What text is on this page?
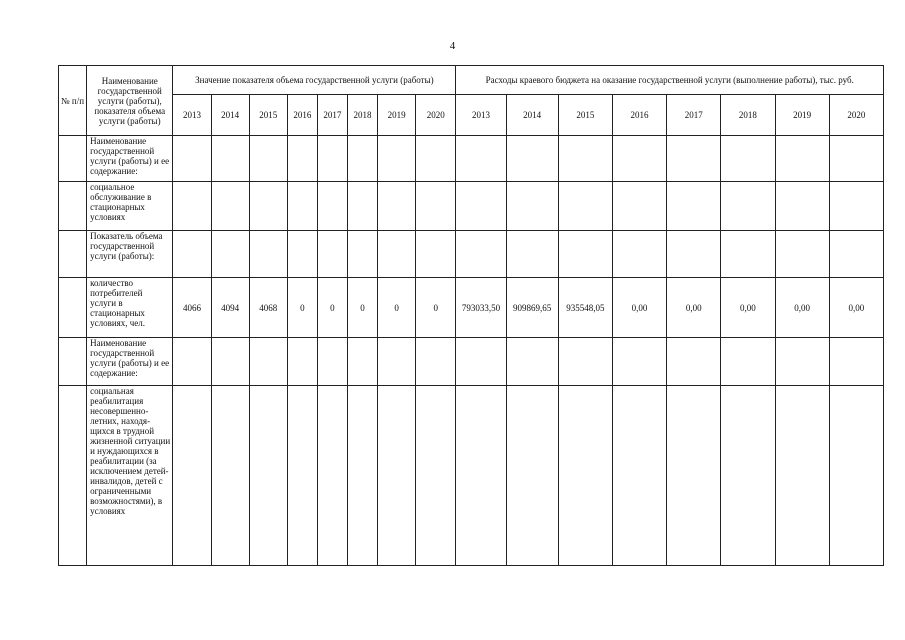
4
№ п/п	Наименование государственной услуги (работы), показателя объема услуги (работы)	Значение показателя объема государственной услуги (работы)								Расходы краевого бюджета на оказание государственной услуги (выполнение работы), тыс. руб.							
		2013	2014	2015	2016	2017	2018	2019	2020	2013	2014	2015	2016	2017	2018	2019	2020
	Наименование государственной услуги (работы) и ее содержание:																
	социальное обслуживание в стационарных условиях																
	Показатель объема государственной услуги (работы):																
	количество потребителей услуги в стационарных условиях, чел.	4066	4094	4068	0	0	0	0	0	793033,50	909869,65	935548,05	0,00	0,00	0,00	0,00	0,00
	Наименование государственной услуги (работы) и ее содержание:																
	социальная реабилитация несовершенно-летних, находя-щихся в трудной жизненной ситуации и нуждающихся в реабилитации (за исключением детей-инвалидов, детей с ограниченными возможностями), в условиях																
